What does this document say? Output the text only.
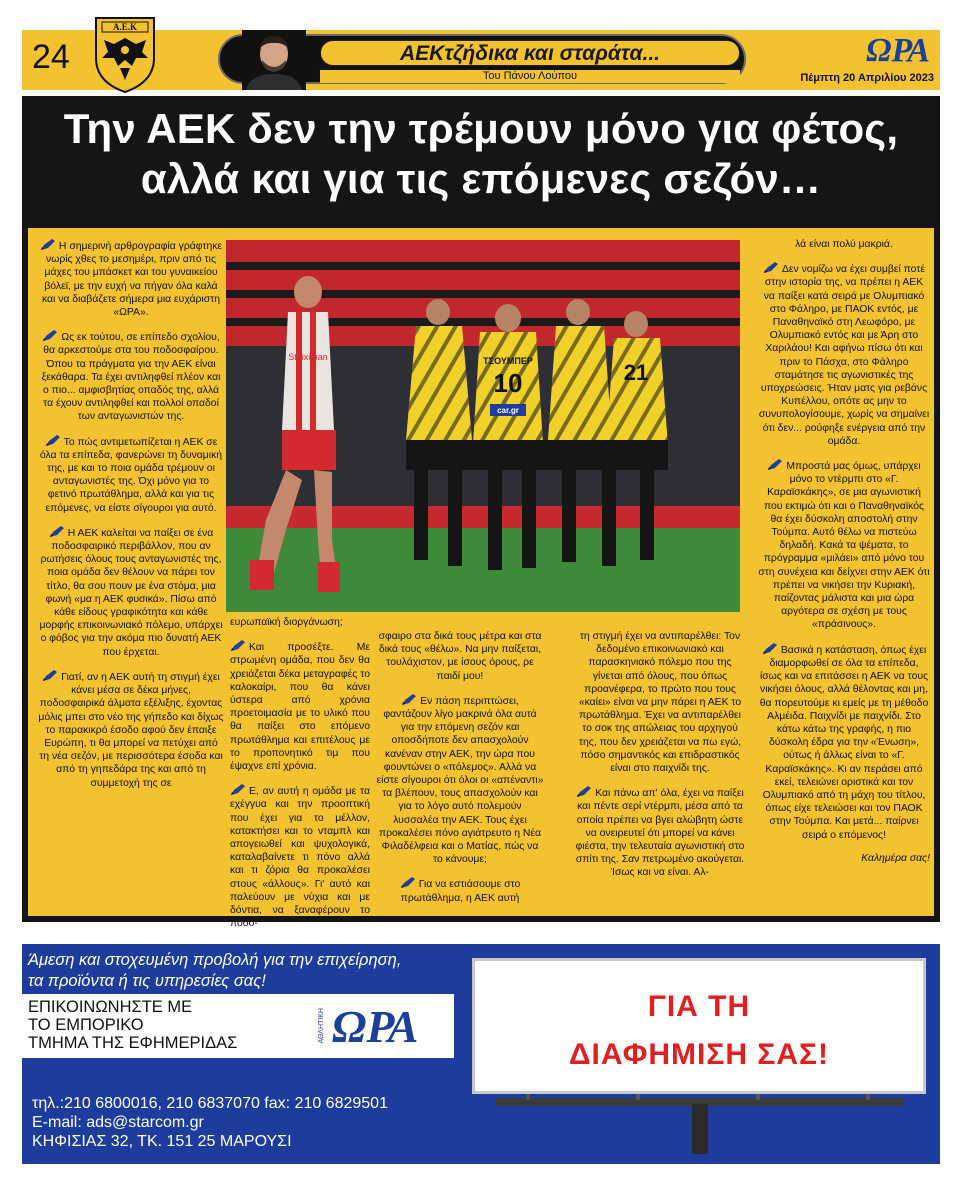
24
Α.Ε.Κ
AEKτζήδικα και σταράτα...
Του Πάνου Λούπου
ΩΡΑ
Πέμπτη 20 Απριλίου 2023
Την ΑΕΚ δεν την τρέμουν μόνο για φέτος,
αλλά και για τις επόμενες σεζόν…

Η σημερινή αρθρογραφία γράφτηκε νωρίς χθες το μεσημέρι, πριν από τις μάχες του μπάσκετ και του γυναικείου βόλεϊ, με την ευχή να πήγαν όλα καλά και να διαβάζετε σήμερα μια ευχάριστη «ΩΡΑ».

Ως εκ τούτου, σε επίπεδο σχολίου, θα αρκεστούμε στα του ποδοσφαίρου. Όπου τα πράγματα για την ΑΕΚ είναι ξεκάθαρα. Τα έχει αντιληφθεί πλέον και ο πιο... αμφισβητίας οπαδός της, αλλά τα έχουν αντιληφθεί και πολλοί οπαδοί των ανταγωνιστών της.

Το πώς αντιμετωπίζεται η ΑΕΚ σε όλα τα επίπεδα, φανερώνει τη δυναμική της, με και το ποια ομάδα τρέμουν οι ανταγωνιστές της. Όχι μόνο για το φετινό πρωτάθλημα, αλλά και για τις επόμενες, να είστε σίγουροι για αυτό.

Η ΑΕΚ καλείται να παίξει σε ένα ποδοσφαιρικό περιβάλλον, που αν ρωτήσεις όλους τους ανταγωνιστές της, ποια ομάδα δεν θέλουν να πάρει τον τίτλο, θα σου πουν με ένα στόμα, μια φωνή «μα η ΑΕΚ φυσικά». Πίσω από κάθε είδους γραφικότητα και κάθε μορφής επικοινωνιακό πόλεμο, υπάρχει ο φόβος για την ακόμα πιο δυνατή ΑΕΚ που έρχεται.

Γιατί, αν η ΑΕΚ αυτή τη στιγμή έχει κάνει μέσα σε δέκα μήνες, ποδοσφαιρικά άλματα εξέλιξης, έχοντας μόλις μπει στο νέο της γήπεδο και δίχως το παρακικρό έσοδο αφού δεν έπαιξε Ευρώπη, τι θα μπορεί να πετύχει από τη νέα σεζόν, με περισσότερα έσοδα και από τη γηπεδάρα της και από τη συμμετοχή της σε

Stoiximan	ΤΣΟΥΜΠΕΡ
10	21
car.gr

ευρωπαϊκή διοργάνωση;

Και προσέξτε. Με στρωμένη ομάδα, που δεν θα χρειάζεται δέκα μεταγραφές το καλοκαίρι, που θα κάνει ύστερα από χρόνια προετοιμασία με το υλικό που θα παίξει στο επόμενο πρωτάθλημα και επιτέλους με το προπονητικό τιμ που έψαχνε επί χρόνια.

Ε, αν αυτή η ομάδα με τα εχέγγυα και την προοπτική που έχει για το μέλλον, κατακτήσει και το νταμπλ και απογειωθεί και ψυχολογικά, καταλαβαίνετε τι πόνο αλλά και τι ζόρια θα προκαλέσει στους «άλλους». Γι' αυτό και παλεύουν με νύχια και με δόντια, να ξαναφέρουν το ποδό-

σφαιρο στα δικά τους μέτρα και στα δικά τους «θέλω». Να μην παίξεται, τουλάχιστον, με ίσους όρους, ρε παιδί μου!

Εν πάση περιπτώσει, φαντάζουν λίγο μακρινά όλα αυτά για την επόμενη σεζόν και οποσδήποτε δεν απασχολούν κανέναν στην ΑΕΚ, την ώρα που φουντώνει ο «πόλεμος». Αλλά να είστε σίγουροι ότι όλοι οι «απέναντι» τα βλέπουν, τους απασχολούν και για το λόγο αυτό πολεμούν λυσσαλέα την ΑΕΚ. Τους έχει προκαλέσει πόνο αγιάτρευτο η Νέα Φιλαδέλφεια και ο Ματίας, πώς να το κάνουμε;

Για να εστιάσουμε στο πρωτάθλημα, η ΑΕΚ αυτή

τη στιγμή έχει να αντιπαρέλθει: Τον δεδομένο επικοινωνιακό και παρασκηνιακό πόλεμο που της γίνεται από όλους, που όπως προανέφερα, το πρώτο που τους «καίει» είναι να μην πάρει η ΑΕΚ το πρωτάθλημα. Έχει να αντιπαρέλθει το σοκ της απώλειας του αρχηγού της, που δεν χρειάζεται να πω εγώ, πόσο σημαντικός και επιδραστικός είναι στο παιχνίδι της.

Και πάνω απ' όλα, έχει να παίξει και πέντε σερί ντέρμπι, μέσα από τα οποία πρέπει να βγει αλώβητη ώστε να ονειρευτεί ότι μπορεί να κάνει φιέστα, την τελευταία αγωνιστική στο σπίτι της. Σαν πετρωμένο ακούγεται. Ίσως και να είναι. Αλ-

λά είναι πολύ μακριά.

Δεν νομίζω να έχει συμβεί ποτέ στην ιστορία της, να πρέπει η ΑΕΚ να παίξει κατά σειρά με Ολυμπιακό στο Φάληρο, με ΠΑΟΚ εντός, με Παναθηναϊκό στη Λεωφόρο, με Ολυμπιακό εντός και με Άρη στο Χαριλάου! Και αφήνω πίσω ότι και πριν το Πάσχα, στο Φάληρο σταμάτησε τις αγωνιστικές της υποχρεώσεις. Ήταν ματς για ρεβάνς Κυπέλλου, οπότε ας μην το συνυπολογίσουμε, χωρίς να σημαίνει ότι δεν... ρούφηξε ενέργεια από την ομάδα.

Μπροστά μας όμως, υπάρχει μόνο το ντέρμπι στο «Γ. Καραϊσκάκης», σε μια αγωνιστική που εκτιμώ ότι και ο Παναθηναϊκός θα έχει δύσκολη αποστολή στην Τούμπα. Αυτό θέλω να πιστεύω δηλαδή. Κακά τα ψέματα, το πρόγραμμα «μιλάει» από μόνο του στη συνέχεια και δείχνει στην ΑΕΚ ότι πρέπει να νικήσει την Κυριακή, παίζοντας μάλιστα και μια ώρα αργότερα σε σχέση με τους «πράσινους».

Βασικά η κατάσταση, όπως έχει διαμορφωθεί σε όλα τα επίπεδα, ίσως και να επιτάσσει η ΑΕΚ να τους νικήσει όλους, αλλά θέλοντας και μη, θα πορευτούμε κι εμείς με τη μέθοδο Αλμέιδα. Παιχνίδι με παιχνίδι. Στο κάτω κάτω της γραφής, η πιο δύσκολη έδρα για την «Ένωση», ούτως ή άλλως είναι το «Γ. Καραϊσκάκης». Κι αν περάσει από εκεί, τελειώνει οριστικά και τον Ολυμπιακό από τη μάχη του τίτλου, όπως είχε τελειώσει και τον ΠΑΟΚ στην Τούμπα. Και μετά... παίρνει σειρά ο επόμενος!

Καλημέρα σας!

Άμεση και στοχευμένη προβολή για την επιχείρηση,
τα προϊόντα ή τις υπηρεσίες σας!
ΕΠΙΚΟΙΝΩΝΗΣΤΕ ΜΕ
ΤΟ ΕΜΠΟΡΙΚΟ
ΤΜΗΜΑ ΤΗΣ ΕΦΗΜΕΡΙΔΑΣ	ΑΘΛΗΤΙΚΗ ΩΡΑ
τηλ.:210 6800016, 210 6837070 fax: 210 6829501
E-mail: ads@starcom.gr
ΚΗΦΙΣΙΑΣ 32, ΤΚ. 151 25 ΜΑΡΟΥΣΙ
ΓΙΑ ΤΗ
ΔΙΑΦΗΜΙΣΗ ΣΑΣ!
